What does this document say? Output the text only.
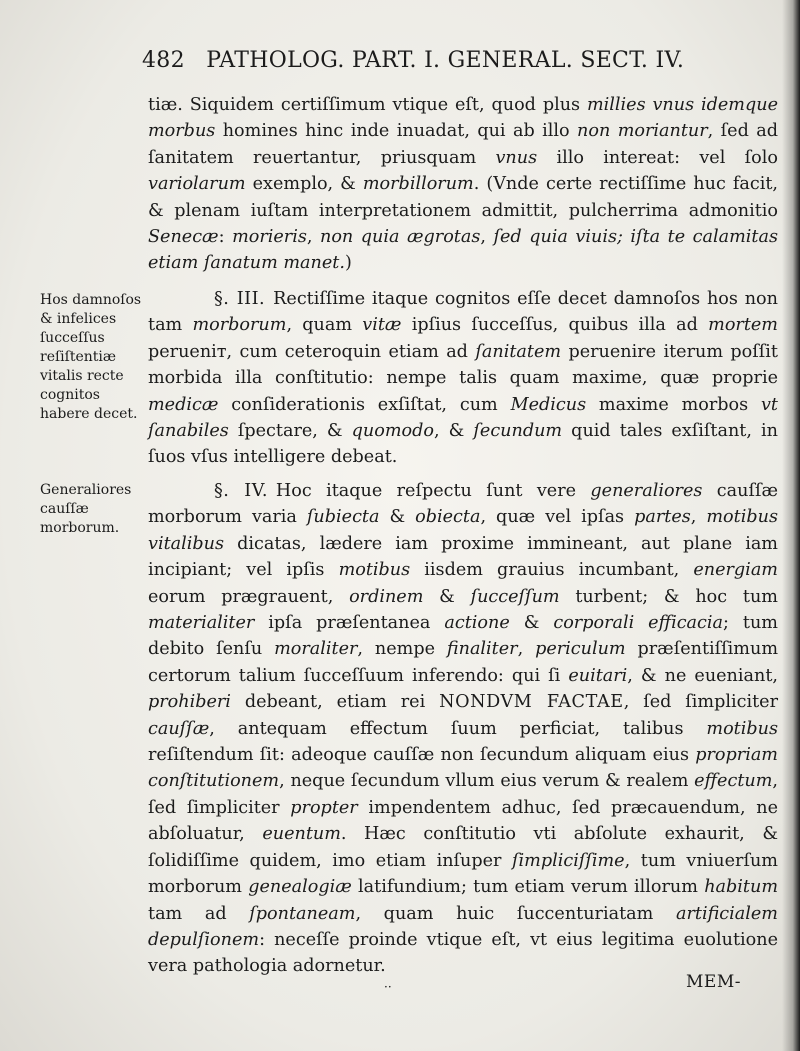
482 PATHOLOG. PART. I. GENERAL. SECT. IV.
tiæ. Siquidem certiſſimum vtique eſt, quod plus millies vnus idemque morbus homines hinc inde inuadat, qui ab illo non moriantur, ſed ad ſanitatem reuertantur, priusquam vnus illo intereat: vel ſolo variolarum exemplo, & morbillorum. (Vnde certe rectiſſime huc facit, & plenam iuſtam interpretationem admittit, pulcherrima admonitio Senecæ: morieris, non quia ægrotas, ſed quia viuis; iſta te calamitas etiam ſanatum manet.)
Hos damnoſos & infelices ſucceſſus reſiſtentiæ vitalis recte cognitos habere decet.
§. III. Rectiſſime itaque cognitos eſſe decet damnoſos hos non tam morborum, quam vitæ ipſius ſucceſſus, quibus illa ad mortem perueniᴛ, cum ceteroquin etiam ad ſanitatem peruenire iterum poſſit morbida illa conſtitutio: nempe talis quam maxime, quæ proprie medicæ conſiderationis exſiſtat, cum Medicus maxime morbos vt ſanabiles ſpectare, & quomodo, & ſecundum quid tales exſiſtant, in ſuos vſus intelligere debeat.
Generaliores cauſſæ morborum.
§. IV. Hoc itaque reſpectu ſunt vere generaliores cauſſæ morborum varia ſubiecta & obiecta, quæ vel ipſas partes, motibus vitalibus dicatas, lædere iam proxime imminеant, aut plane iam incipiant; vel ipſis motibus iisdem grauius incumbant, energiam eorum prægrauent, ordinem & ſucceſſum turbent; & hoc tum materialiter ipſa præſentanea actione & corporali efficacia; tum debito ſenſu moraliter, nempe finaliter, periculum præſentiſſimum certorum talium ſucceſſuum inferendo: qui ſi euitari, & ne eueniant, prohiberi debeant, etiam rei NONDVM FACTAE, ſed ſimpliciter cauſſæ, antequam effectum ſuum perficiat, talibus motibus reſiſtendum ſit: adeoque cauſſæ non ſecundum aliquam eius propriam conſtitutionem, neque ſecundum vllum eius verum & realem effectum, ſed ſimpliciter propter impendentem adhuc, ſed præcauendum, ne abſoluatur, euentum. Hæc conſtitutio vti abſolute exhaurit, & ſolidiſſime quidem, imo etiam inſuper ſimpliciſſime, tum vniuerſum morborum genealogiæ latifundium; tum etiam verum illorum habitum tam ad ſpontaneam, quam huic ſuccenturiatam artificialem depulſionem: neceſſe proinde vtique eſt, vt eius legitima euolutione vera pathologia adornetur.
··	MEM-
